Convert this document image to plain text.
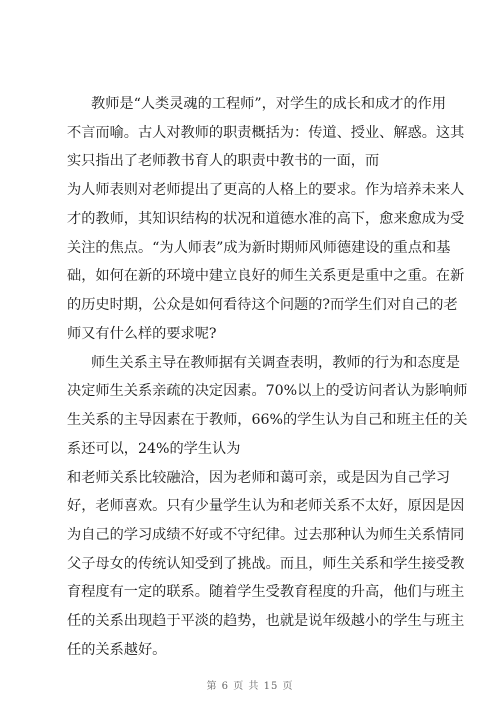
教师是“人类灵魂的工程师”，对学生的成长和成才的作用
不言而喻。古人对教师的职责概括为：传道、授业、解惑。这其
实只指出了老师教书育人的职责中教书的一面，而
为人师表则对老师提出了更高的人格上的要求。作为培养未来人
才的教师，其知识结构的状况和道德水准的高下，愈来愈成为受
关注的焦点。“为人师表”成为新时期师风师德建设的重点和基
础，如何在新的环境中建立良好的师生关系更是重中之重。在新
的历史时期，公众是如何看待这个问题的?而学生们对自己的老
师又有什么样的要求呢?
师生关系主导在教师据有关调查表明，教师的行为和态度是
决定师生关系亲疏的决定因素。70%以上的受访问者认为影响师
生关系的主导因素在于教师，66%的学生认为自己和班主任的关
系还可以，24%的学生认为
和老师关系比较融洽，因为老师和蔼可亲，或是因为自己学习
好，老师喜欢。只有少量学生认为和老师关系不太好，原因是因
为自己的学习成绩不好或不守纪律。过去那种认为师生关系情同
父子母女的传统认知受到了挑战。而且，师生关系和学生接受教
育程度有一定的联系。随着学生受教育程度的升高，他们与班主
任的关系出现趋于平淡的趋势，也就是说年级越小的学生与班主
任的关系越好。
第 6 页 共 15 页
